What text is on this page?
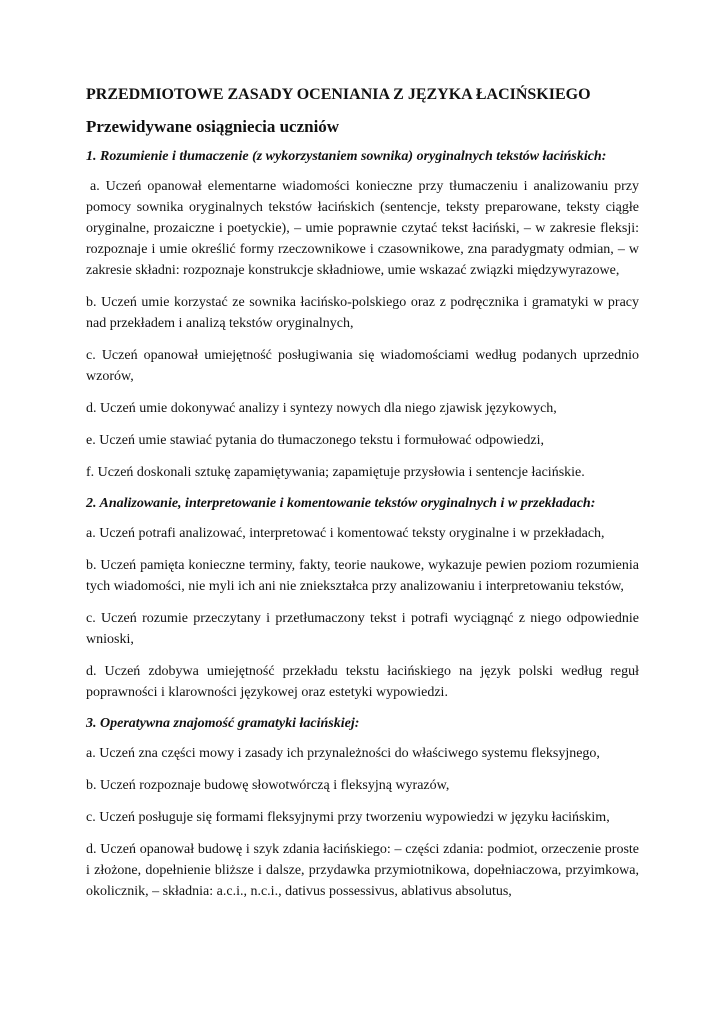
PRZEDMIOTOWE ZASADY OCENIANIA Z JĘZYKA ŁACIŃSKIEGO
Przewidywane osiągniecia uczniów
1. Rozumienie i tłumaczenie (z wykorzystaniem sownika) oryginalnych tekstów łacińskich:

a. Uczeń opanował elementarne wiadomości konieczne przy tłumaczeniu i analizowaniu przy pomocy sownika oryginalnych tekstów łacińskich (sentencje, teksty preparowane, teksty ciągłe oryginalne, prozaiczne i poetyckie), – umie poprawnie czytać tekst łaciński, – w zakresie fleksji: rozpoznaje i umie określić formy rzeczownikowe i czasownikowe, zna paradygmaty odmian, – w zakresie składni: rozpoznaje konstrukcje składniowe, umie wskazać związki międzywyrazowe,

b. Uczeń umie korzystać ze sownika łacińsko-polskiego oraz z podręcznika i gramatyki w pracy nad przekładem i analizą tekstów oryginalnych,

c. Uczeń opanował umiejętność posługiwania się wiadomościami według podanych uprzednio wzorów,

d. Uczeń umie dokonywać analizy i syntezy nowych dla niego zjawisk językowych,

e. Uczeń umie stawiać pytania do tłumaczonego tekstu i formułować odpowiedzi,

f. Uczeń doskonali sztukę zapamiętywania; zapamiętuje przysłowia i sentencje łacińskie.

2. Analizowanie, interpretowanie i komentowanie tekstów oryginalnych i w przekładach:

a. Uczeń potrafi analizować, interpretować i komentować teksty oryginalne i w przekładach,

b. Uczeń pamięta konieczne terminy, fakty, teorie naukowe, wykazuje pewien poziom rozumienia tych wiadomości, nie myli ich ani nie zniekształca przy analizowaniu i interpretowaniu tekstów,

c. Uczeń rozumie przeczytany i przetłumaczony tekst i potrafi wyciągnąć z niego odpowiednie wnioski,

d. Uczeń zdobywa umiejętność przekładu tekstu łacińskiego na język polski według reguł poprawności i klarowności językowej oraz estetyki wypowiedzi.

3. Operatywna znajomość gramatyki łacińskiej:

a. Uczeń zna części mowy i zasady ich przynależności do właściwego systemu fleksyjnego,

b. Uczeń rozpoznaje budowę słowotwórczą i fleksyjną wyrazów,

c. Uczeń posługuje się formami fleksyjnymi przy tworzeniu wypowiedzi w języku łacińskim,

d. Uczeń opanował budowę i szyk zdania łacińskiego: – części zdania: podmiot, orzeczenie proste i złożone, dopełnienie bliższe i dalsze, przydawka przymiotnikowa, dopełniaczowa, przyimkowa, okolicznik, – składnia: a.c.i., n.c.i., dativus possessivus, ablativus absolutus,
